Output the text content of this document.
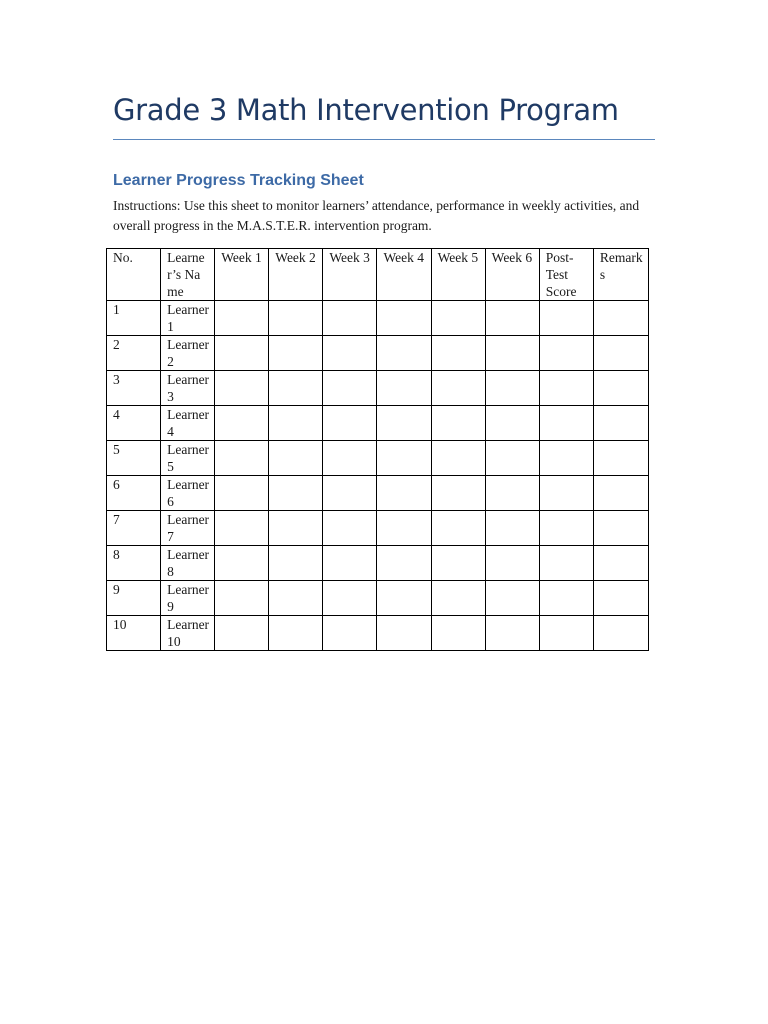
Grade 3 Math Intervention Program
Learner Progress Tracking Sheet

Instructions: Use this sheet to monitor learners’ attendance, performance in weekly activities, and overall progress in the M.A.S.T.E.R. intervention program.

No.	Learner’s Name	Week 1	Week 2	Week 3	Week 4	Week 5	Week 6	Post-Test Score	Remarks
1	Learner 1								
2	Learner 2								
3	Learner 3								
4	Learner 4								
5	Learner 5								
6	Learner 6								
7	Learner 7								
8	Learner 8								
9	Learner 9								
10	Learner 10								
